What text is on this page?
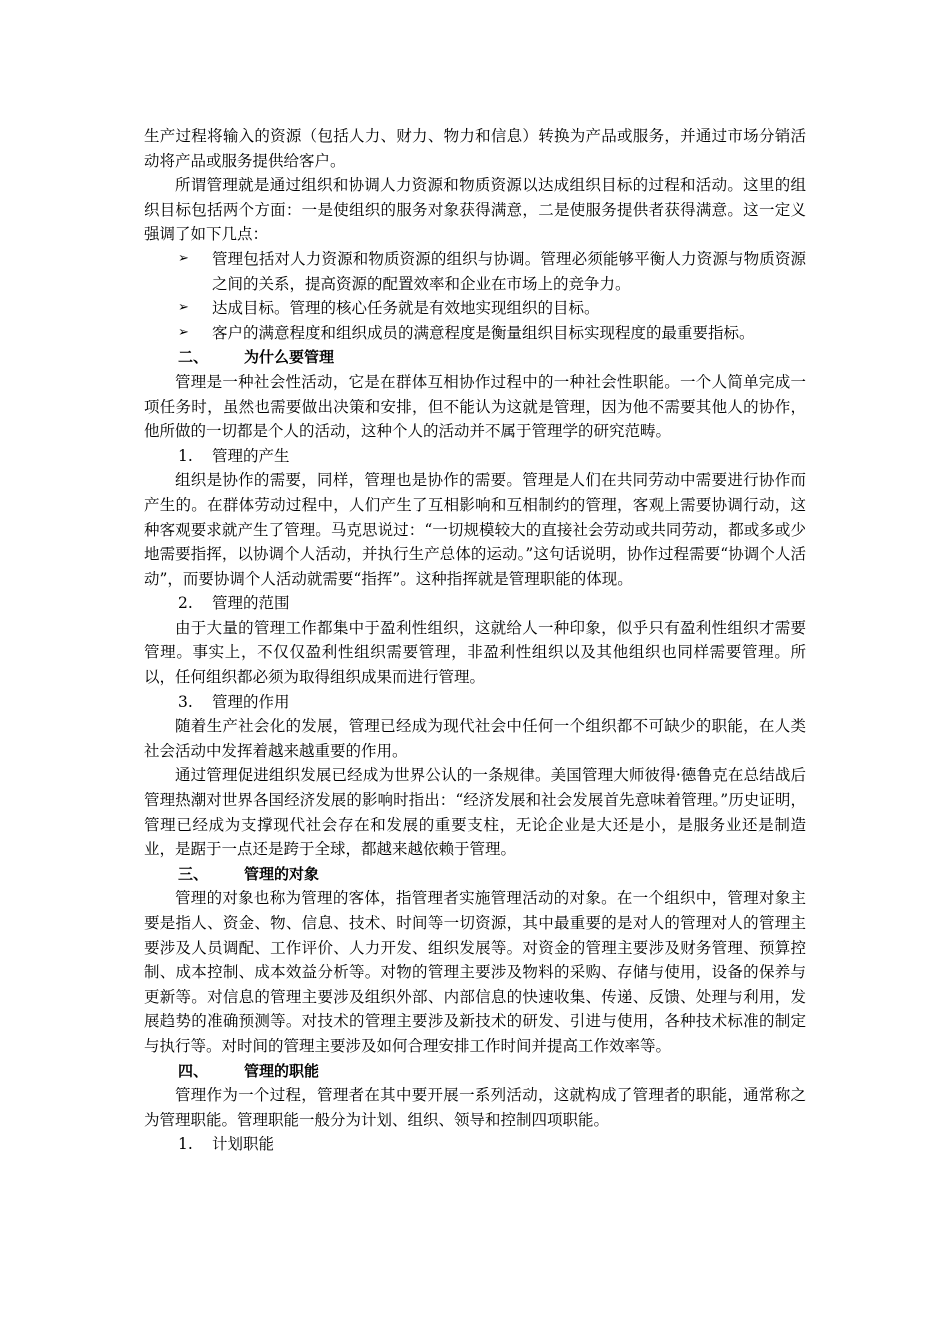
生产过程将输入的资源（包括人力、财力、物力和信息）转换为产品或服务，并通过市场分销活动将产品或服务提供给客户。

所谓管理就是通过组织和协调人力资源和物质资源以达成组织目标的过程和活动。这里的组织目标包括两个方面：一是使组织的服务对象获得满意，二是使服务提供者获得满意。这一定义强调了如下几点：

➢ 管理包括对人力资源和物质资源的组织与协调。管理必须能够平衡人力资源与物质资源之间的关系，提高资源的配置效率和企业在市场上的竞争力。
➢ 达成目标。管理的核心任务就是有效地实现组织的目标。
➢ 客户的满意程度和组织成员的满意程度是衡量组织目标实现程度的最重要指标。

二、 为什么要管理

管理是一种社会性活动，它是在群体互相协作过程中的一种社会性职能。一个人简单完成一项任务时，虽然也需要做出决策和安排，但不能认为这就是管理，因为他不需要其他人的协作，他所做的一切都是个人的活动，这种个人的活动并不属于管理学的研究范畴。

1. 管理的产生

组织是协作的需要，同样，管理也是协作的需要。管理是人们在共同劳动中需要进行协作而产生的。在群体劳动过程中，人们产生了互相影响和互相制约的管理，客观上需要协调行动，这种客观要求就产生了管理。马克思说过：“一切规模较大的直接社会劳动或共同劳动，都或多或少地需要指挥，以协调个人活动，并执行生产总体的运动。”这句话说明，协作过程需要“协调个人活动”，而要协调个人活动就需要“指挥”。这种指挥就是管理职能的体现。

2. 管理的范围

由于大量的管理工作都集中于盈利性组织，这就给人一种印象，似乎只有盈利性组织才需要管理。事实上，不仅仅盈利性组织需要管理，非盈利性组织以及其他组织也同样需要管理。所以，任何组织都必须为取得组织成果而进行管理。

3. 管理的作用

随着生产社会化的发展，管理已经成为现代社会中任何一个组织都不可缺少的职能，在人类社会活动中发挥着越来越重要的作用。

通过管理促进组织发展已经成为世界公认的一条规律。美国管理大师彼得·德鲁克在总结战后管理热潮对世界各国经济发展的影响时指出：“经济发展和社会发展首先意味着管理。”历史证明，管理已经成为支撑现代社会存在和发展的重要支柱，无论企业是大还是小，是服务业还是制造业，是踞于一点还是跨于全球，都越来越依赖于管理。

三、 管理的对象

管理的对象也称为管理的客体，指管理者实施管理活动的对象。在一个组织中，管理对象主要是指人、资金、物、信息、技术、时间等一切资源，其中最重要的是对人的管理对人的管理主要涉及人员调配、工作评价、人力开发、组织发展等。对资金的管理主要涉及财务管理、预算控制、成本控制、成本效益分析等。对物的管理主要涉及物料的采购、存储与使用，设备的保养与更新等。对信息的管理主要涉及组织外部、内部信息的快速收集、传递、反馈、处理与利用，发展趋势的准确预测等。对技术的管理主要涉及新技术的研发、引进与使用，各种技术标准的制定与执行等。对时间的管理主要涉及如何合理安排工作时间并提高工作效率等。

四、 管理的职能

管理作为一个过程，管理者在其中要开展一系列活动，这就构成了管理者的职能，通常称之为管理职能。管理职能一般分为计划、组织、领导和控制四项职能。

1. 计划职能
